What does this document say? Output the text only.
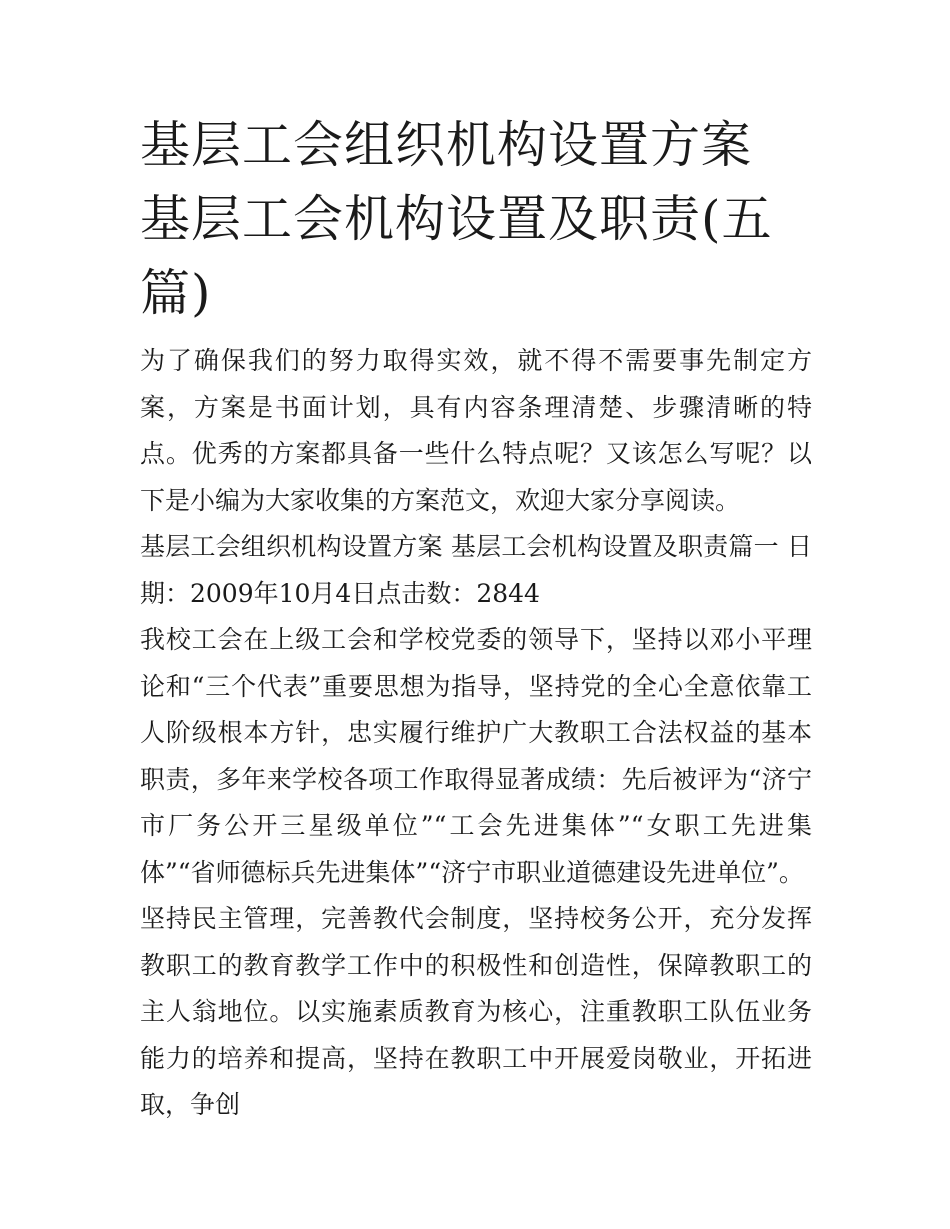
基层工会组织机构设置方案 基层工会机构设置及职责(五篇)

为了确保我们的努力取得实效，就不得不需要事先制定方案，方案是书面计划，具有内容条理清楚、步骤清晰的特点。优秀的方案都具备一些什么特点呢？又该怎么写呢？以下是小编为大家收集的方案范文，欢迎大家分享阅读。

基层工会组织机构设置方案 基层工会机构设置及职责篇一 日期：2009年10月4日点击数：2844

我校工会在上级工会和学校党委的领导下，坚持以邓小平理论和“三个代表”重要思想为指导，坚持党的全心全意依靠工人阶级根本方针，忠实履行维护广大教职工合法权益的基本职责，多年来学校各项工作取得显著成绩：先后被评为“济宁市厂务公开三星级单位”“工会先进集体”“女职工先进集体”“省师德标兵先进集体”“济宁市职业道德建设先进单位”。

坚持民主管理，完善教代会制度，坚持校务公开，充分发挥教职工的教育教学工作中的积极性和创造性，保障教职工的主人翁地位。以实施素质教育为核心，注重教职工队伍业务能力的培养和提高，坚持在教职工中开展爱岗敬业，开拓进取，争创
